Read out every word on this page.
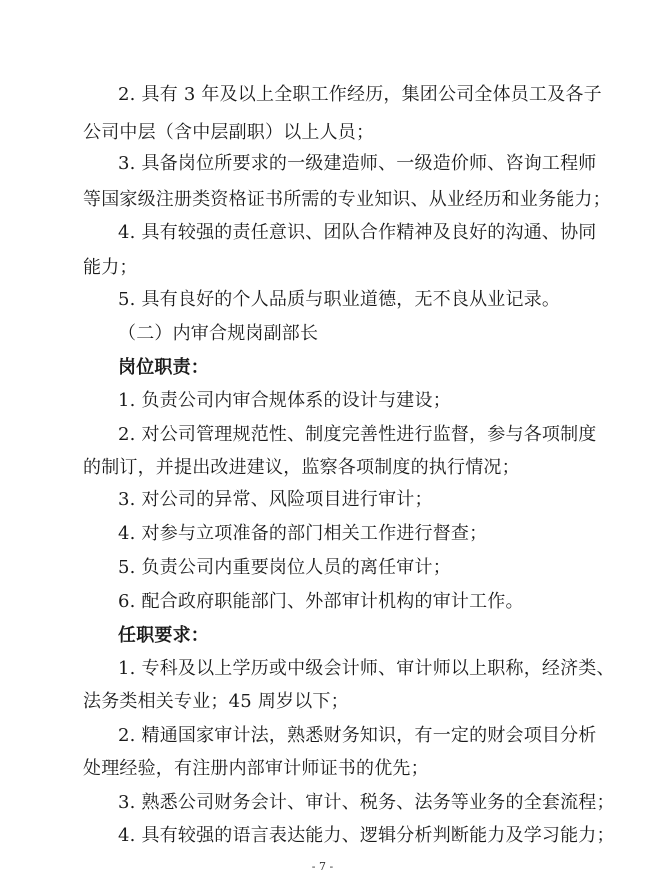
2. 具有 3 年及以上全职工作经历，集团公司全体员工及各子
公司中层（含中层副职）以上人员；
3. 具备岗位所要求的一级建造师、一级造价师、咨询工程师
等国家级注册类资格证书所需的专业知识、从业经历和业务能力；
4. 具有较强的责任意识、团队合作精神及良好的沟通、协同
能力；
5. 具有良好的个人品质与职业道德，无不良从业记录。
（二）内审合规岗副部长
岗位职责：
1. 负责公司内审合规体系的设计与建设；
2. 对公司管理规范性、制度完善性进行监督，参与各项制度
的制订，并提出改进建议，监察各项制度的执行情况；
3. 对公司的异常、风险项目进行审计；
4. 对参与立项准备的部门相关工作进行督查；
5. 负责公司内重要岗位人员的离任审计；
6. 配合政府职能部门、外部审计机构的审计工作。
任职要求：
1. 专科及以上学历或中级会计师、审计师以上职称，经济类、
法务类相关专业；45 周岁以下；
2. 精通国家审计法，熟悉财务知识，有一定的财会项目分析
处理经验，有注册内部审计师证书的优先；
3. 熟悉公司财务会计、审计、税务、法务等业务的全套流程；
4. 具有较强的语言表达能力、逻辑分析判断能力及学习能力；
- 7 -
